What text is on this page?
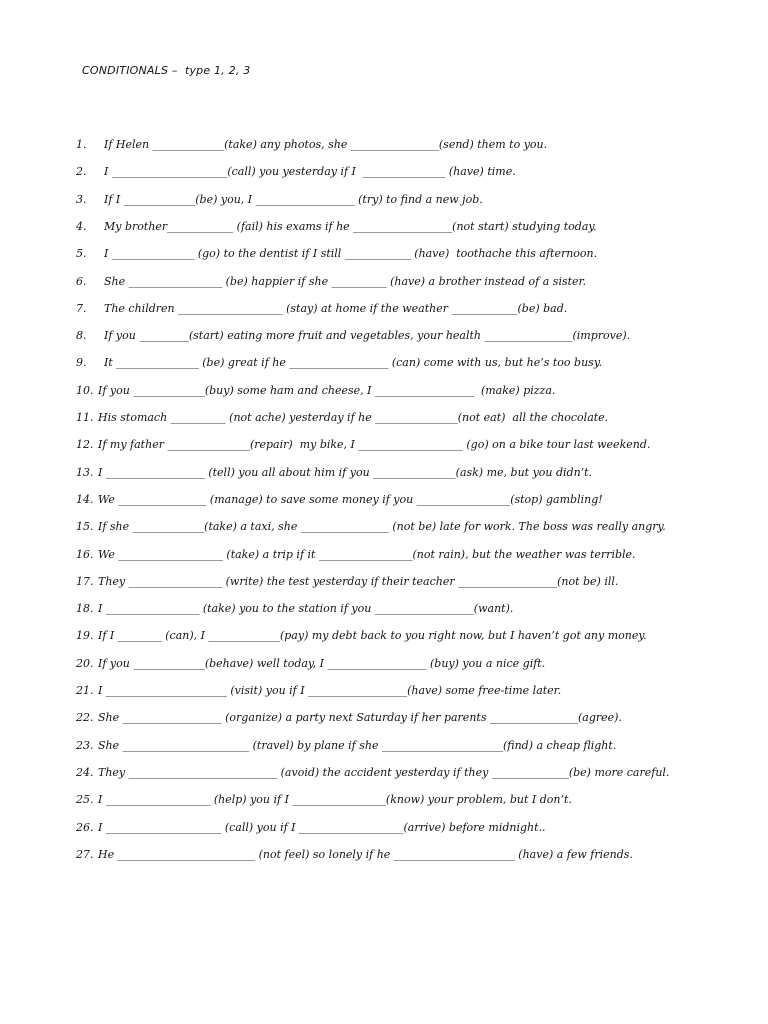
CONDITIONALS –  type 1, 2, 3
1. If Helen _____________(take) any photos, she ________________(send) them to you.
2. I _____________________(call) you yesterday if I  _______________ (have) time.
3. If I _____________(be) you, I __________________ (try) to find a new job.
4. My brother____________ (fail) his exams if he __________________(not start) studying today.
5. I _______________ (go) to the dentist if I still ____________ (have)  toothache this afternoon.
6. She _________________ (be) happier if she __________ (have) a brother instead of a sister.
7. The children ___________________ (stay) at home if the weather ____________(be) bad.
8. If you _________(start) eating more fruit and vegetables, your health ________________(improve).
9. It _______________ (be) great if he __________________ (can) come with us, but he’s too busy.
10. If you _____________(buy) some ham and cheese, I __________________  (make) pizza.
11. His stomach __________ (not ache) yesterday if he _______________(not eat)  all the chocolate.
12. If my father _______________(repair)  my bike, I ___________________ (go) on a bike tour last weekend.
13. I __________________ (tell) you all about him if you _______________(ask) me, but you didn’t.
14. We ________________ (manage) to save some money if you _________________(stop) gambling!
15. If she _____________(take) a taxi, she ________________ (not be) late for work. The boss was really angry.
16. We ___________________ (take) a trip if it _________________(not rain), but the weather was terrible.
17. They _________________ (write) the test yesterday if their teacher __________________(not be) ill.
18. I _________________ (take) you to the station if you __________________(want).
19. If I ________ (can), I _____________(pay) my debt back to you right now, but I haven’t got any money.
20. If you _____________(behave) well today, I __________________ (buy) you a nice gift.
21. I ______________________ (visit) you if I __________________(have) some free-time later.
22. She __________________ (organize) a party next Saturday if her parents ________________(agree).
23. She _______________________ (travel) by plane if she ______________________(find) a cheap flight.
24. They ___________________________ (avoid) the accident yesterday if they ______________(be) more careful.
25. I ___________________ (help) you if I _________________(know) your problem, but I don’t.
26. I _____________________ (call) you if I ___________________(arrive) before midnight..
27. He _________________________ (not feel) so lonely if he ______________________ (have) a few friends.
